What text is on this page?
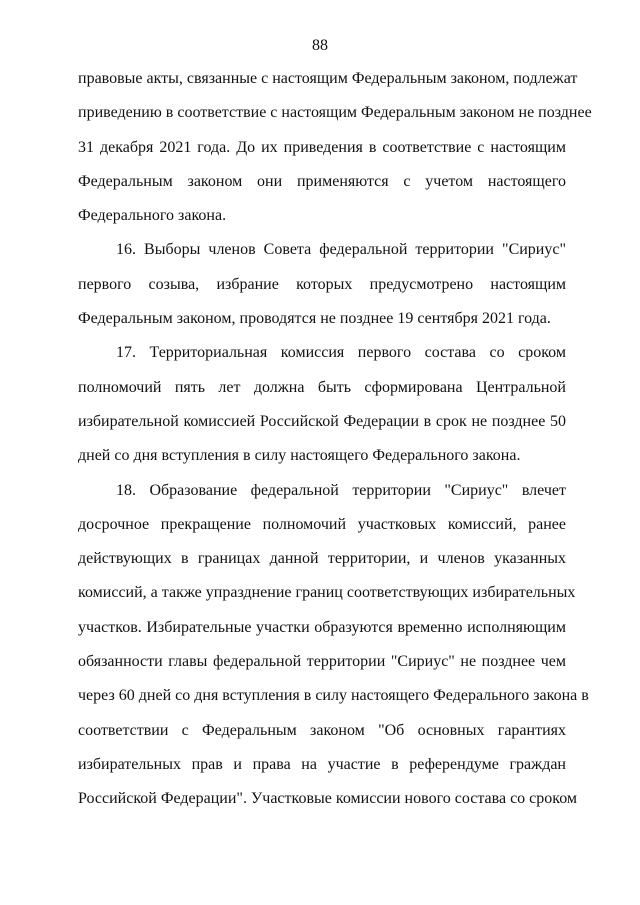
88
правовые акты, связанные с настоящим Федеральным законом, подлежат
приведению в соответствие с настоящим Федеральным законом не позднее
31 декабря 2021 года. До их приведения в соответствие с настоящим
Федеральным законом они применяются с учетом настоящего
Федерального закона.
16. Выборы членов Совета федеральной территории "Сириус"
первого созыва, избрание которых предусмотрено настоящим
Федеральным законом, проводятся не позднее 19 сентября 2021 года.
17. Территориальная комиссия первого состава со сроком
полномочий пять лет должна быть сформирована Центральной
избирательной комиссией Российской Федерации в срок не позднее 50
дней со дня вступления в силу настоящего Федерального закона.
18. Образование федеральной территории "Сириус" влечет
досрочное прекращение полномочий участковых комиссий, ранее
действующих в границах данной территории, и членов указанных
комиссий, а также упразднение границ соответствующих избирательных
участков. Избирательные участки образуются временно исполняющим
обязанности главы федеральной территории "Сириус" не позднее чем
через 60 дней со дня вступления в силу настоящего Федерального закона в
соответствии с Федеральным законом "Об основных гарантиях
избирательных прав и права на участие в референдуме граждан
Российской Федерации". Участковые комиссии нового состава со сроком
